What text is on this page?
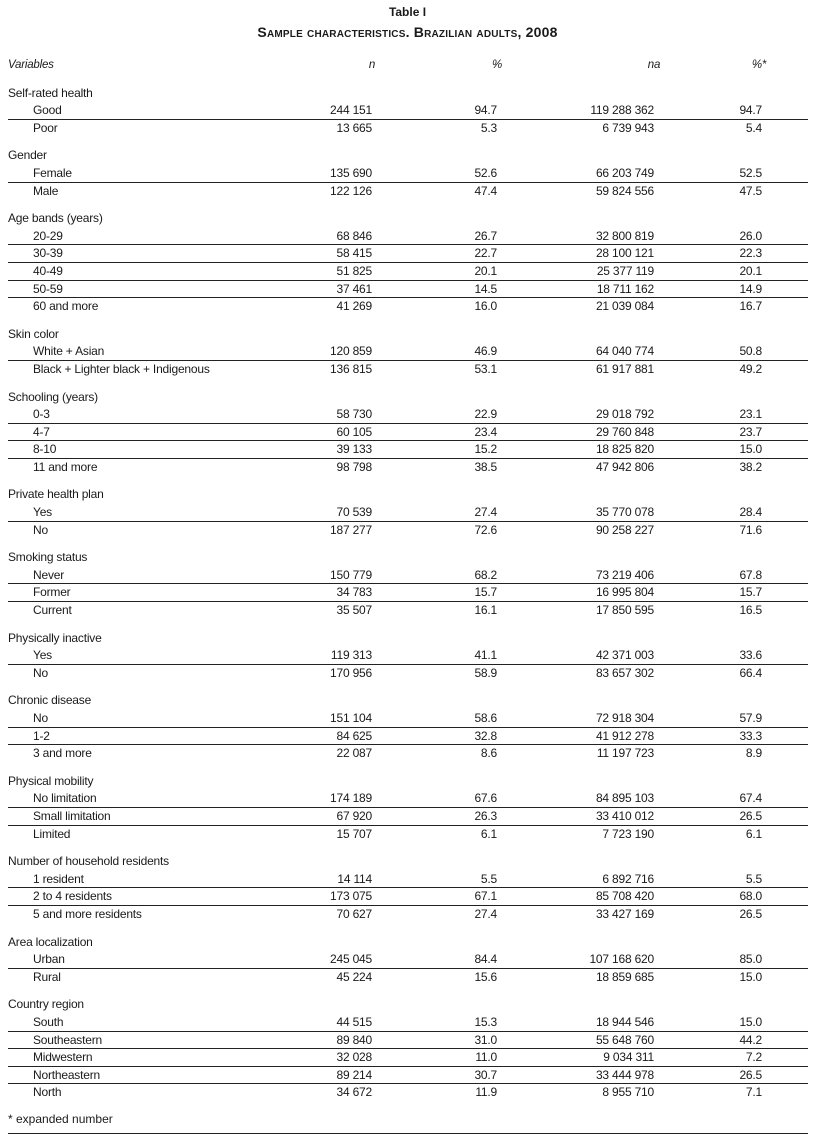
Table I
Sample characteristics. Brazilian adults, 2008
Variables	n	%	na	%*
Self-rated health
Good	244 151	94.7	119 288 362	94.7
Poor	13 665	5.3	6 739 943	5.4
Gender
Female	135 690	52.6	66 203 749	52.5
Male	122 126	47.4	59 824 556	47.5
Age bands (years)
20-29	68 846	26.7	32 800 819	26.0
30-39	58 415	22.7	28 100 121	22.3
40-49	51 825	20.1	25 377 119	20.1
50-59	37 461	14.5	18 711 162	14.9
60 and more	41 269	16.0	21 039 084	16.7
Skin color
White + Asian	120 859	46.9	64 040 774	50.8
Black + Lighter black + Indigenous	136 815	53.1	61 917 881	49.2
Schooling (years)
0-3	58 730	22.9	29 018 792	23.1
4-7	60 105	23.4	29 760 848	23.7
8-10	39 133	15.2	18 825 820	15.0
11 and more	98 798	38.5	47 942 806	38.2
Private health plan
Yes	70 539	27.4	35 770 078	28.4
No	187 277	72.6	90 258 227	71.6
Smoking status
Never	150 779	68.2	73 219 406	67.8
Former	34 783	15.7	16 995 804	15.7
Current	35 507	16.1	17 850 595	16.5
Physically inactive
Yes	119 313	41.1	42 371 003	33.6
No	170 956	58.9	83 657 302	66.4
Chronic disease
No	151 104	58.6	72 918 304	57.9
1-2	84 625	32.8	41 912 278	33.3
3 and more	22 087	8.6	11 197 723	8.9
Physical mobility
No limitation	174 189	67.6	84 895 103	67.4
Small limitation	67 920	26.3	33 410 012	26.5
Limited	15 707	6.1	7 723 190	6.1
Number of household residents
1 resident	14 114	5.5	6 892 716	5.5
2 to 4 residents	173 075	67.1	85 708 420	68.0
5 and more residents	70 627	27.4	33 427 169	26.5
Area localization
Urban	245 045	84.4	107 168 620	85.0
Rural	45 224	15.6	18 859 685	15.0
Country region
South	44 515	15.3	18 944 546	15.0
Southeastern	89 840	31.0	55 648 760	44.2
Midwestern	32 028	11.0	9 034 311	7.2
Northeastern	89 214	30.7	33 444 978	26.5
North	34 672	11.9	8 955 710	7.1
* expanded number
